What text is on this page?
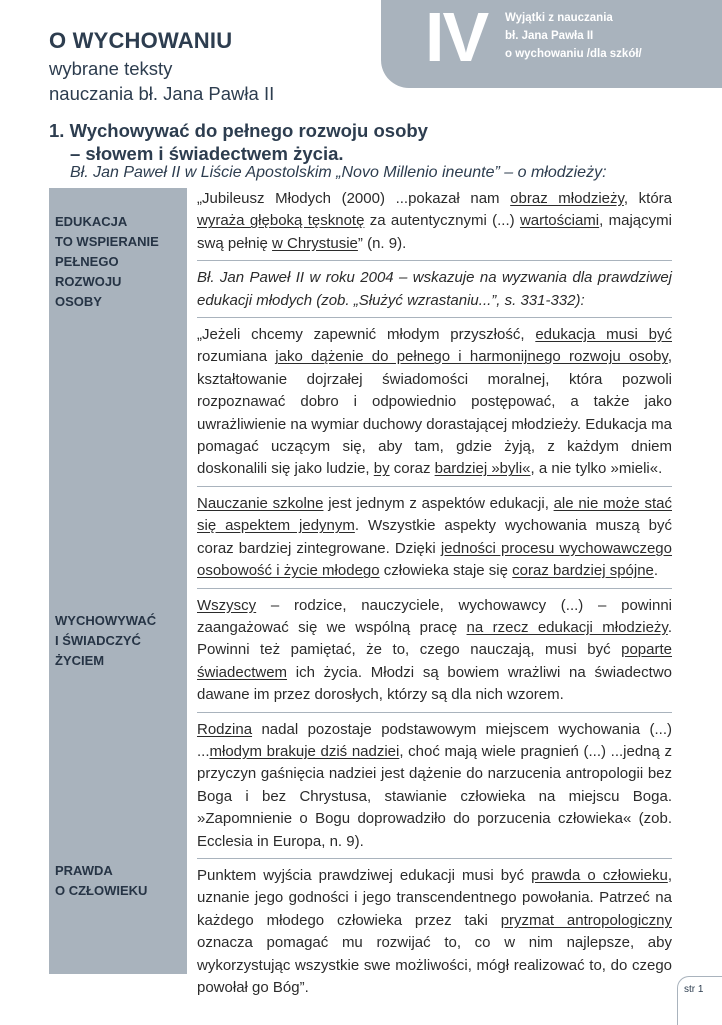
IV Wyjątki z nauczania
bł. Jana Pawła II
o wychowaniu /dla szkół/
O WYCHOWANIU
wybrane teksty
nauczania bł. Jana Pawła II
1. Wychowywać do pełnego rozwoju osoby
– słowem i świadectwem życia.
Bł. Jan Paweł II w Liście Apostolskim „Novo Millenio ineunte” – o młodzieży:
EDUKACJA
TO WSPIERANIE
PEŁNEGO
ROZWOJU
OSOBY
WYCHOWYWAĆ
I ŚWIADCZYĆ
ŻYCIEM
PRAWDA
O CZŁOWIEKU

„Jubileusz Młodych (2000) ...pokazał nam obraz młodzieży, która wyraża głęboką tęsknotę za autentycznymi (...) wartościami, mającymi swą pełnię w Chrystusie” (n. 9).

Bł. Jan Paweł II w roku 2004 – wskazuje na wyzwania dla prawdziwej edukacji młodych (zob. „Służyć wzrastaniu...”, s. 331-332):

„Jeżeli chcemy zapewnić młodym przyszłość, edukacja musi być rozumiana jako dążenie do pełnego i harmonijnego rozwoju osoby, kształtowanie dojrzałej świadomości moralnej, która pozwoli rozpoznawać dobro i odpowiednio postępować, a także jako uwrażliwienie na wymiar duchowy dorastającej młodzieży. Edukacja ma pomagać uczącym się, aby tam, gdzie żyją, z każdym dniem doskonalili się jako ludzie, by coraz bardziej »byli«, a nie tylko »mieli«.

Nauczanie szkolne jest jednym z aspektów edukacji, ale nie może stać się aspektem jedynym. Wszystkie aspekty wychowania muszą być coraz bardziej zintegrowane. Dzięki jedności procesu wychowawczego osobowość i życie młodego człowieka staje się coraz bardziej spójne.

Wszyscy – rodzice, nauczyciele, wychowawcy (...) – powinni zaangażować się we wspólną pracę na rzecz edukacji młodzieży. Powinni też pamiętać, że to, czego nauczają, musi być poparte świadectwem ich życia. Młodzi są bowiem wrażliwi na świadectwo dawane im przez dorosłych, którzy są dla nich wzorem.

Rodzina nadal pozostaje podstawowym miejscem wychowania (...) ...młodym brakuje dziś nadziei, choć mają wiele pragnień (...) ...jedną z przyczyn gaśnięcia nadziei jest dążenie do narzucenia antropologii bez Boga i bez Chrystusa, stawianie człowieka na miejscu Boga. »Zapomnienie o Bogu doprowadziło do porzucenia człowieka« (zob. Ecclesia in Europa, n. 9).

Punktem wyjścia prawdziwej edukacji musi być prawda o człowieku, uznanie jego godności i jego transcendentnego powołania. Patrzeć na każdego młodego człowieka przez taki pryzmat antropologiczny oznacza pomagać mu rozwijać to, co w nim najlepsze, aby wykorzystując wszystkie swe możliwości, mógł realizować to, do czego powołał go Bóg”.	str 1
